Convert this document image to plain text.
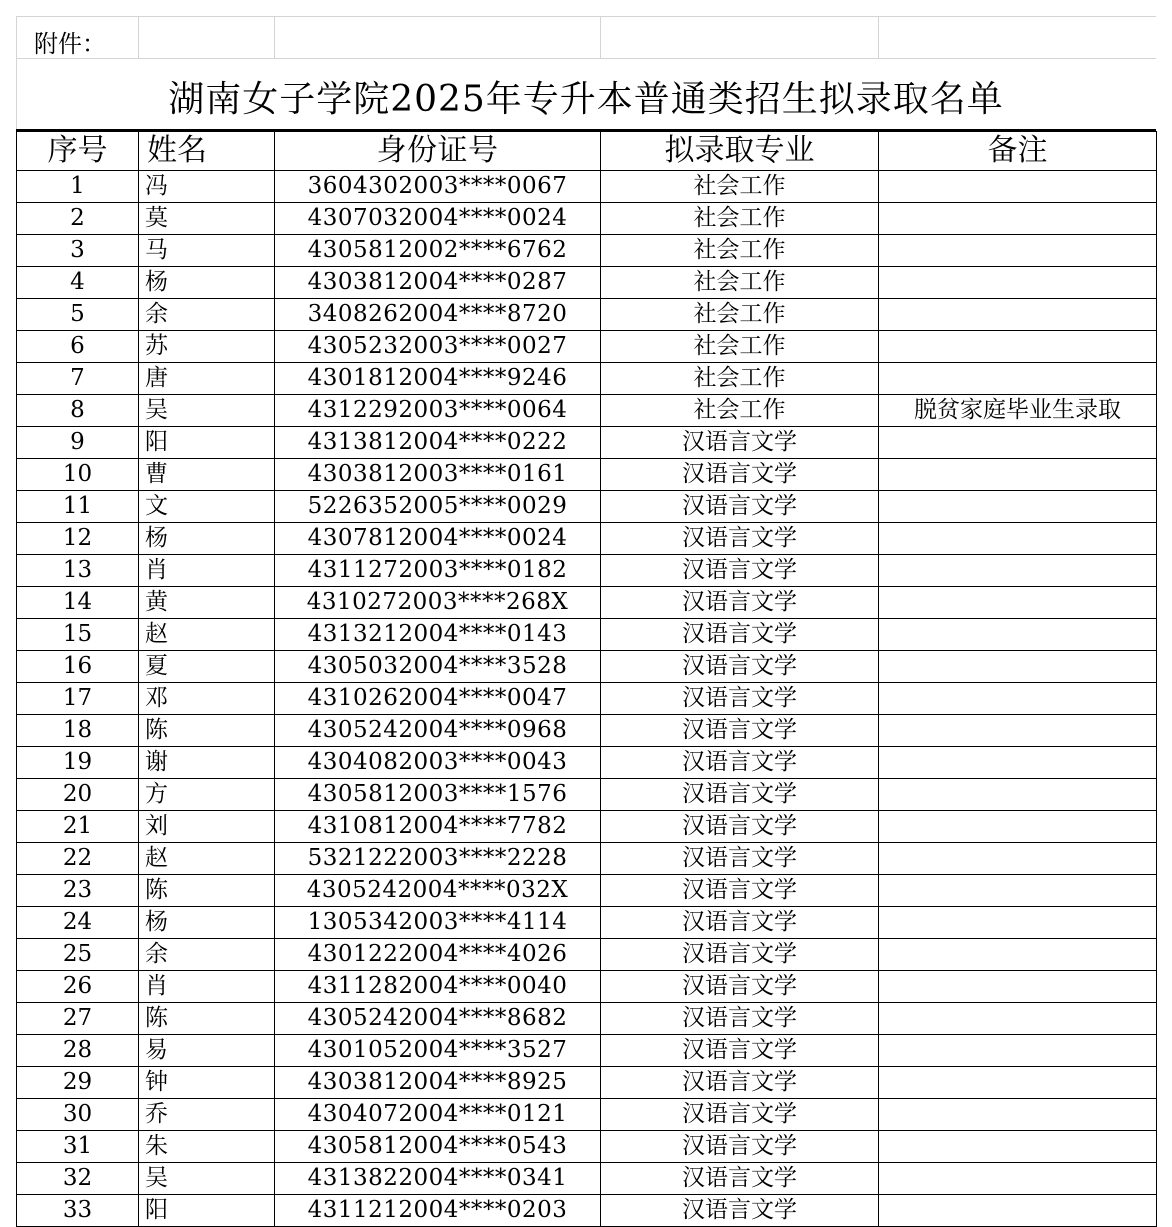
附件：
湖南女子学院2025年专升本普通类招生拟录取名单
序号	姓名	身份证号	拟录取专业	备注
1	冯	3604302003****0067	社会工作	
2	莫	4307032004****0024	社会工作	
3	马	4305812002****6762	社会工作	
4	杨	4303812004****0287	社会工作	
5	余	3408262004****8720	社会工作	
6	苏	4305232003****0027	社会工作	
7	唐	4301812004****9246	社会工作	
8	吴	4312292003****0064	社会工作	脱贫家庭毕业生录取
9	阳	4313812004****0222	汉语言文学	
10	曹	4303812003****0161	汉语言文学	
11	文	5226352005****0029	汉语言文学	
12	杨	4307812004****0024	汉语言文学	
13	肖	4311272003****0182	汉语言文学	
14	黄	4310272003****268X	汉语言文学	
15	赵	4313212004****0143	汉语言文学	
16	夏	4305032004****3528	汉语言文学	
17	邓	4310262004****0047	汉语言文学	
18	陈	4305242004****0968	汉语言文学	
19	谢	4304082003****0043	汉语言文学	
20	方	4305812003****1576	汉语言文学	
21	刘	4310812004****7782	汉语言文学	
22	赵	5321222003****2228	汉语言文学	
23	陈	4305242004****032X	汉语言文学	
24	杨	1305342003****4114	汉语言文学	
25	余	4301222004****4026	汉语言文学	
26	肖	4311282004****0040	汉语言文学	
27	陈	4305242004****8682	汉语言文学	
28	易	4301052004****3527	汉语言文学	
29	钟	4303812004****8925	汉语言文学	
30	乔	4304072004****0121	汉语言文学	
31	朱	4305812004****0543	汉语言文学	
32	吴	4313822004****0341	汉语言文学	
33	阳	4311212004****0203	汉语言文学	
